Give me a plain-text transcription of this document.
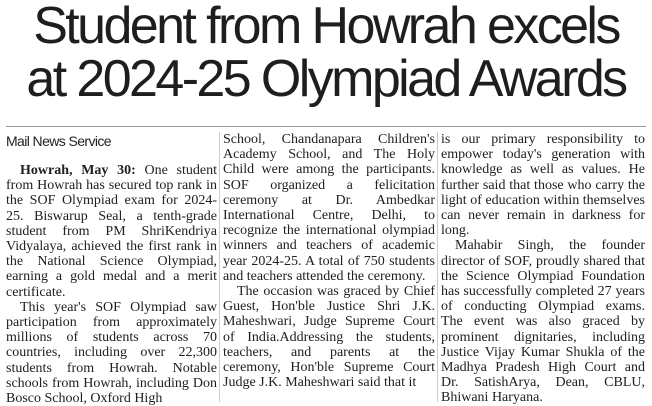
Student from Howrah excels
at 2024-25 Olympiad Awards
Mail News Service

Howrah, May 30: One student from Howrah has secured top rank in the SOF Olympiad exam for 2024-25. Biswarup Seal, a tenth-grade student from PM ShriKendriya Vidyalaya, achieved the first rank in the National Science Olympiad, earning a gold medal and a merit certificate.

This year's SOF Olympiad saw participation from approximately millions of students across 70 countries, including over 22,300 students from Howrah. Notable schools from Howrah, including Don Bosco School, Oxford High

School, Chandanapara Children's Academy School, and The Holy Child were among the participants. SOF organized a felicitation ceremony at Dr. Ambedkar International Centre, Delhi, to recognize the international olympiad winners and teachers of academic year 2024-25. A total of 750 students and teachers attended the ceremony.

The occasion was graced by Chief Guest, Hon'ble Justice Shri J.K. Maheshwari, Judge Supreme Court of India.Addressing the students, teachers, and parents at the ceremony, Hon'ble Supreme Court Judge J.K. Maheshwari said that it

is our primary responsibility to empower today's generation with knowledge as well as values. He further said that those who carry the light of education within themselves can never remain in darkness for long.

Mahabir Singh, the founder director of SOF, proudly shared that the Science Olympiad Foundation has successfully completed 27 years of conducting Olympiad exams. The event was also graced by prominent dignitaries, including Justice Vijay Kumar Shukla of the Madhya Pradesh High Court and Dr. SatishArya, Dean, CBLU, Bhiwani Haryana.
